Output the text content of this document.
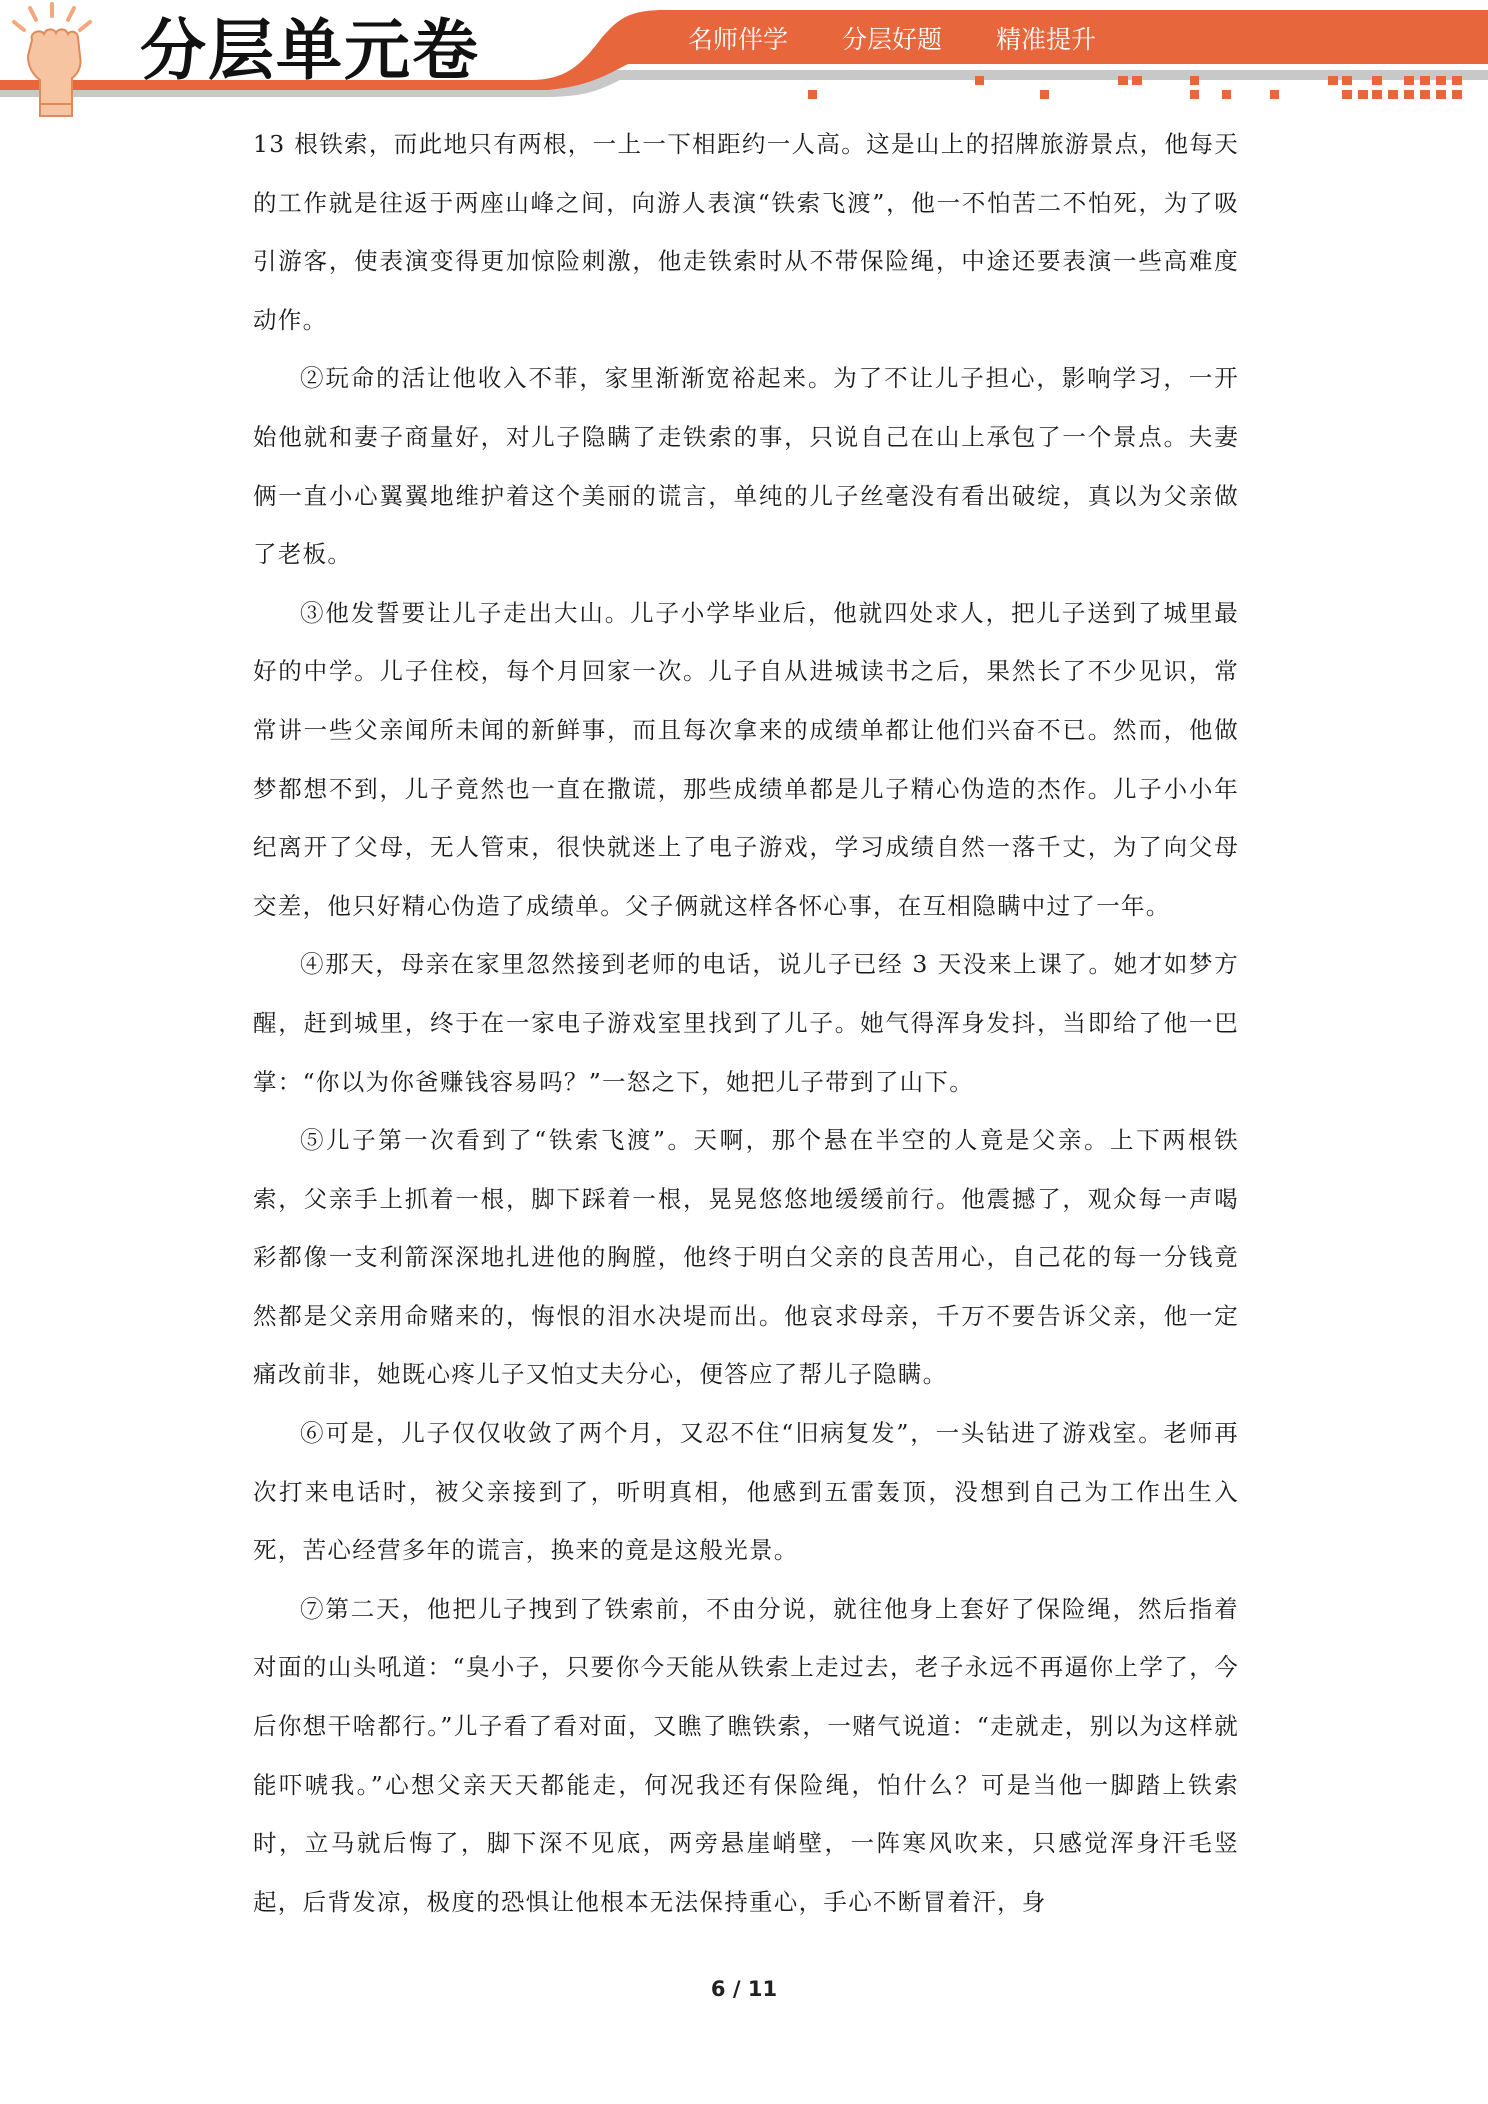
分层单元卷	名师伴学 分层好题 精准提升

13 根铁索，而此地只有两根，一上一下相距约一人高。这是山上的招牌旅游景点，他每天的工作就是往返于两座山峰之间，向游人表演“铁索飞渡”，他一不怕苦二不怕死，为了吸引游客，使表演变得更加惊险刺激，他走铁索时从不带保险绳，中途还要表演一些高难度动作。

②玩命的活让他收入不菲，家里渐渐宽裕起来。为了不让儿子担心，影响学习，一开始他就和妻子商量好，对儿子隐瞒了走铁索的事，只说自己在山上承包了一个景点。夫妻俩一直小心翼翼地维护着这个美丽的谎言，单纯的儿子丝毫没有看出破绽，真以为父亲做了老板。

③他发誓要让儿子走出大山。儿子小学毕业后，他就四处求人，把儿子送到了城里最好的中学。儿子住校，每个月回家一次。儿子自从进城读书之后，果然长了不少见识，常常讲一些父亲闻所未闻的新鲜事，而且每次拿来的成绩单都让他们兴奋不已。然而，他做梦都想不到，儿子竟然也一直在撒谎，那些成绩单都是儿子精心伪造的杰作。儿子小小年纪离开了父母，无人管束，很快就迷上了电子游戏，学习成绩自然一落千丈，为了向父母交差，他只好精心伪造了成绩单。父子俩就这样各怀心事，在互相隐瞒中过了一年。

④那天，母亲在家里忽然接到老师的电话，说儿子已经 3 天没来上课了。她才如梦方醒，赶到城里，终于在一家电子游戏室里找到了儿子。她气得浑身发抖，当即给了他一巴掌：“你以为你爸赚钱容易吗？”一怒之下，她把儿子带到了山下。

⑤儿子第一次看到了“铁索飞渡”。天啊，那个悬在半空的人竟是父亲。上下两根铁索，父亲手上抓着一根，脚下踩着一根，晃晃悠悠地缓缓前行。他震撼了，观众每一声喝彩都像一支利箭深深地扎进他的胸膛，他终于明白父亲的良苦用心，自己花的每一分钱竟然都是父亲用命赌来的，悔恨的泪水决堤而出。他哀求母亲，千万不要告诉父亲，他一定痛改前非，她既心疼儿子又怕丈夫分心，便答应了帮儿子隐瞒。

⑥可是，儿子仅仅收敛了两个月，又忍不住“旧病复发”，一头钻进了游戏室。老师再次打来电话时，被父亲接到了，听明真相，他感到五雷轰顶，没想到自己为工作出生入死，苦心经营多年的谎言，换来的竟是这般光景。

⑦第二天，他把儿子拽到了铁索前，不由分说，就往他身上套好了保险绳，然后指着对面的山头吼道：“臭小子，只要你今天能从铁索上走过去，老子永远不再逼你上学了，今后你想干啥都行。”儿子看了看对面，又瞧了瞧铁索，一赌气说道：“走就走，别以为这样就能吓唬我。”心想父亲天天都能走，何况我还有保险绳，怕什么？可是当他一脚踏上铁索时，立马就后悔了，脚下深不见底，两旁悬崖峭壁，一阵寒风吹来，只感觉浑身汗毛竖起，后背发凉，极度的恐惧让他根本无法保持重心，手心不断冒着汗，身

6 / 11
